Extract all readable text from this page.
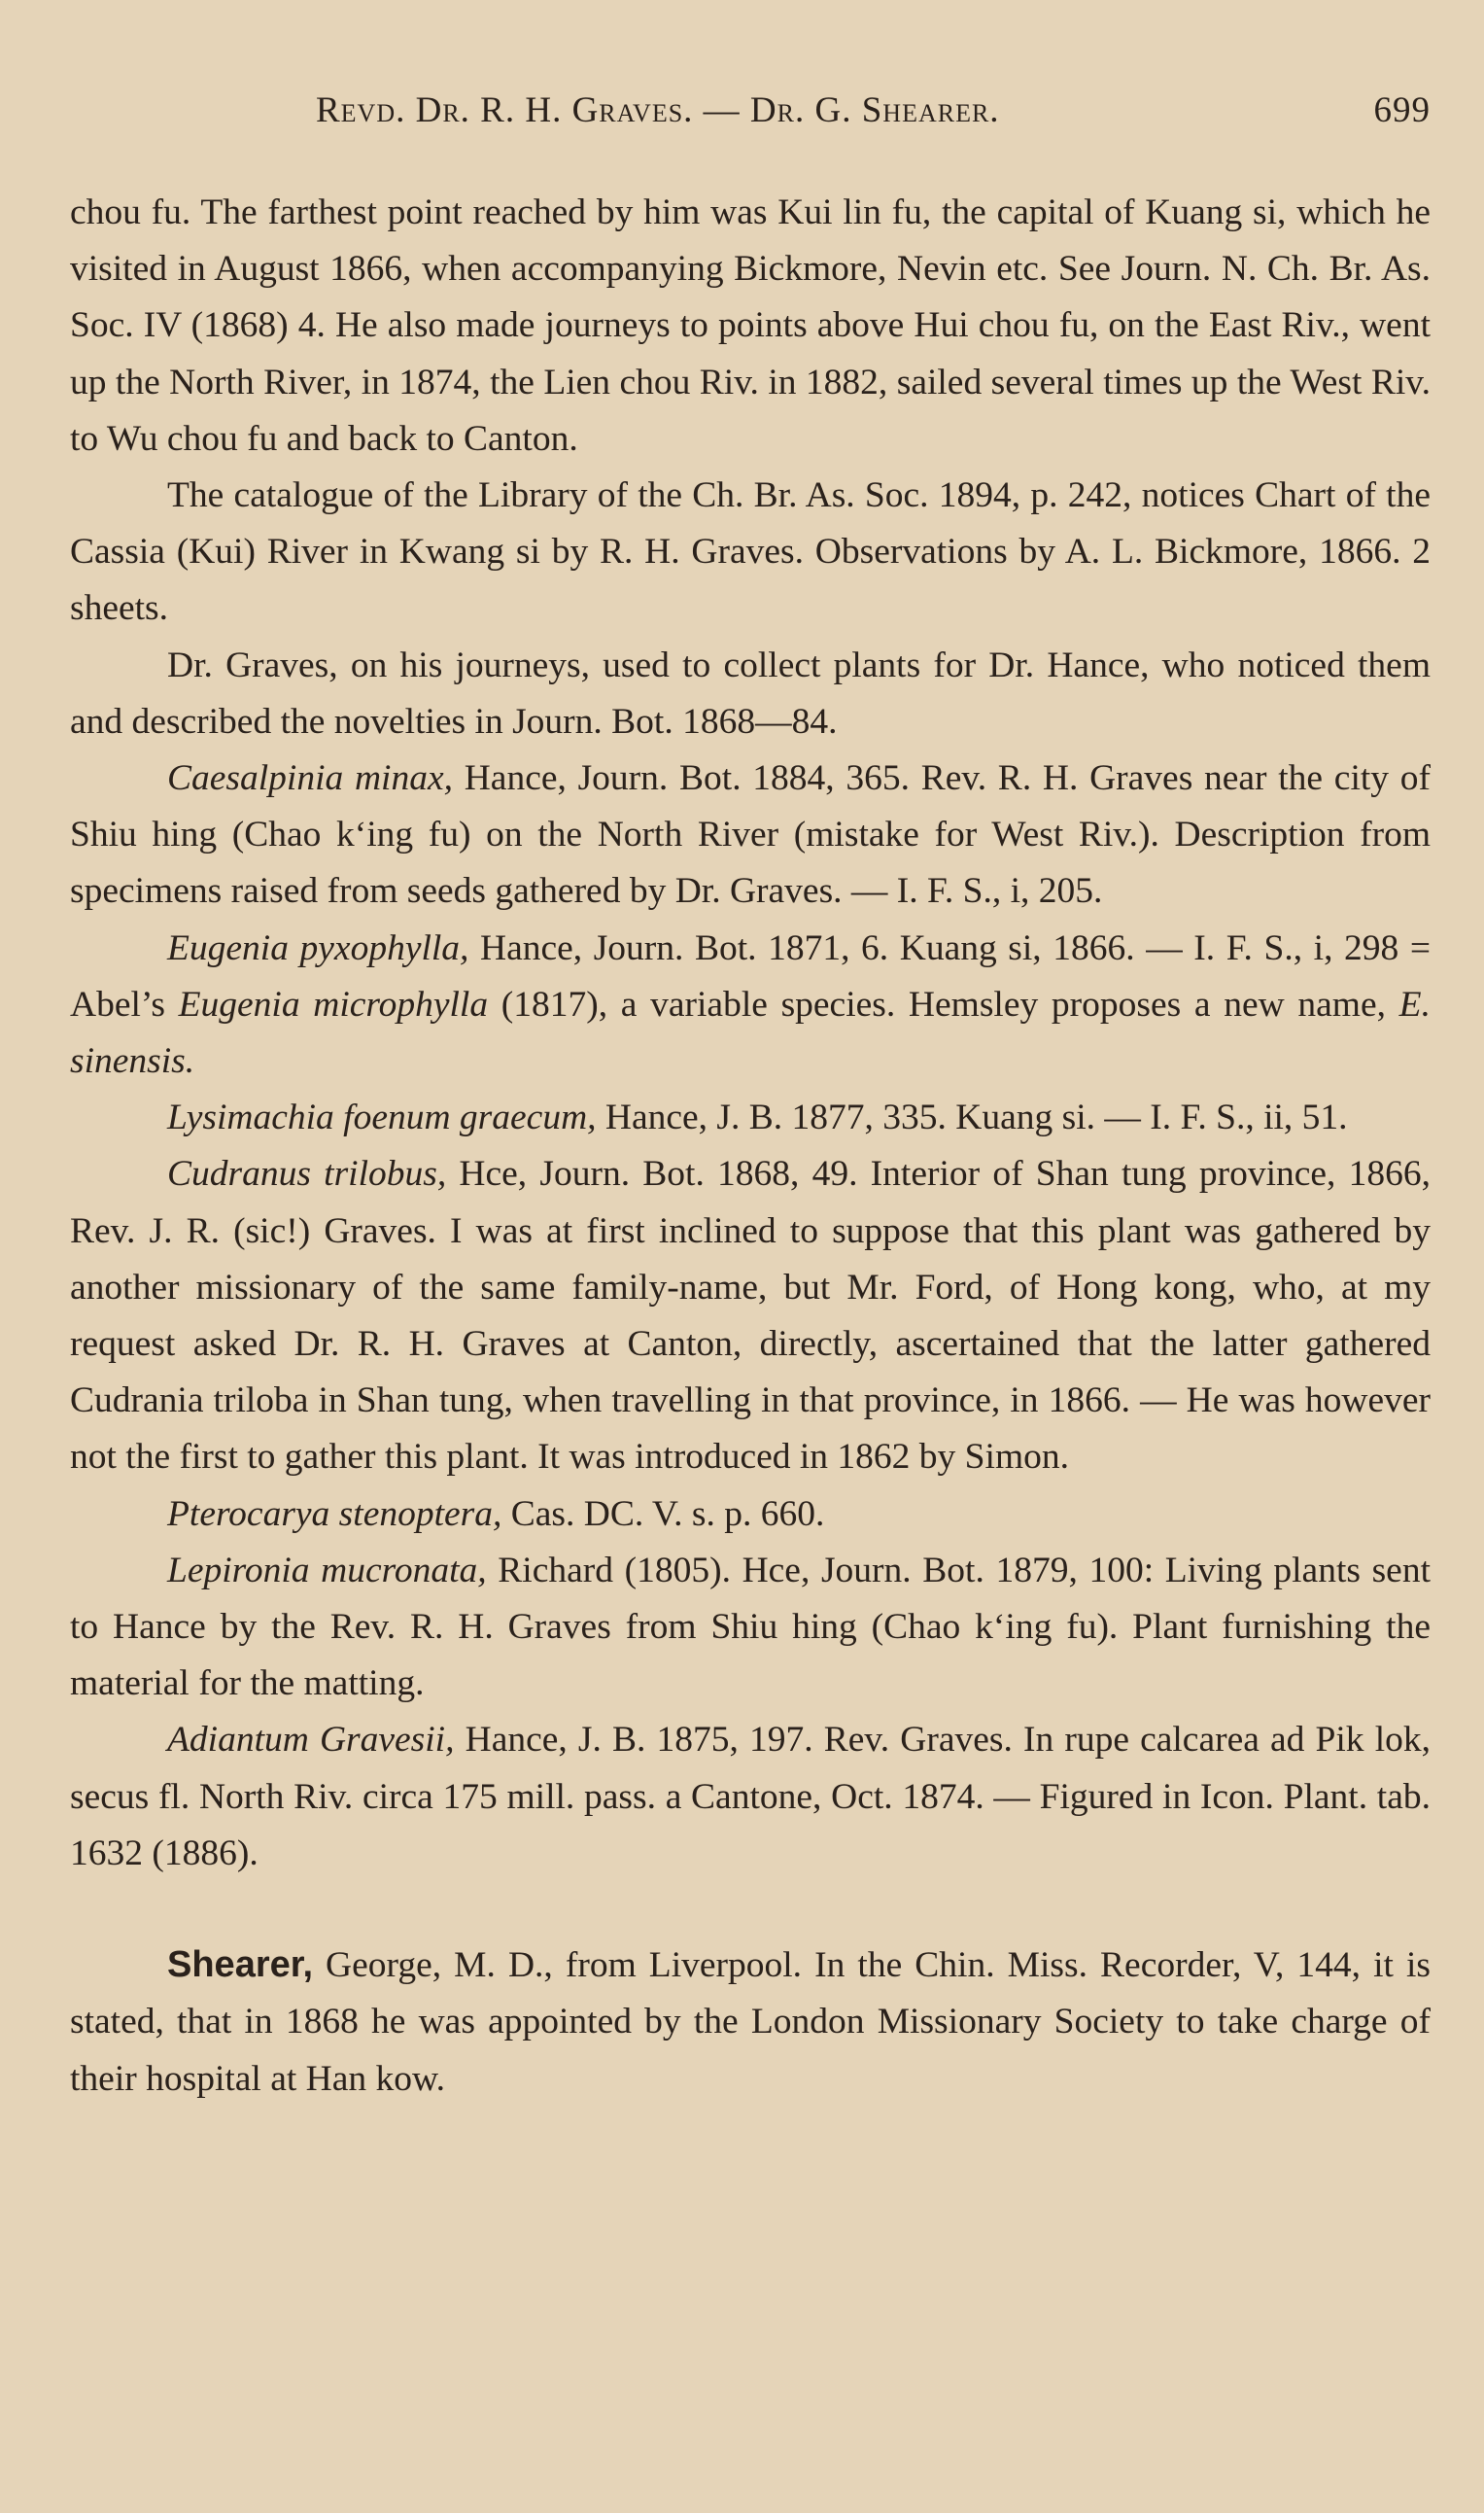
Revd. Dr. R. H. Graves. — Dr. G. Shearer.	699

chou fu. The farthest point reached by him was Kui lin fu, the capital of Kuang si, which he visited in August 1866, when accompanying Bickmore, Nevin etc. See Journ. N. Ch. Br. As. Soc. IV (1868) 4. He also made journeys to points above Hui chou fu, on the East Riv., went up the North River, in 1874, the Lien chou Riv. in 1882, sailed several times up the West Riv. to Wu chou fu and back to Canton.

The catalogue of the Library of the Ch. Br. As. Soc. 1894, p. 242, notices Chart of the Cassia (Kui) River in Kwang si by R. H. Graves. Observations by A. L. Bickmore, 1866. 2 sheets.

Dr. Graves, on his journeys, used to collect plants for Dr. Hance, who noticed them and described the novelties in Journ. Bot. 1868—84.

Caesalpinia minax, Hance, Journ. Bot. 1884, 365. Rev. R. H. Graves near the city of Shiu hing (Chao k‘ing fu) on the North River (mistake for West Riv.). Description from specimens raised from seeds gathered by Dr. Graves. — I. F. S., i, 205.

Eugenia pyxophylla, Hance, Journ. Bot. 1871, 6. Kuang si, 1866. — I. F. S., i, 298 = Abel’s Eugenia microphylla (1817), a variable species. Hemsley proposes a new name, E. sinensis.

Lysimachia foenum graecum, Hance, J. B. 1877, 335. Kuang si. — I. F. S., ii, 51.

Cudranus trilobus, Hce, Journ. Bot. 1868, 49. Interior of Shan tung province, 1866, Rev. J. R. (sic!) Graves. I was at first inclined to suppose that this plant was gathered by another missionary of the same family-name, but Mr. Ford, of Hong kong, who, at my request asked Dr. R. H. Graves at Canton, directly, ascertained that the latter gathered Cudrania triloba in Shan tung, when travelling in that province, in 1866. — He was however not the first to gather this plant. It was introduced in 1862 by Simon.

Pterocarya stenoptera, Cas. DC. V. s. p. 660.

Lepironia mucronata, Richard (1805). Hce, Journ. Bot. 1879, 100: Living plants sent to Hance by the Rev. R. H. Graves from Shiu hing (Chao k‘ing fu). Plant furnishing the material for the matting.

Adiantum Gravesii, Hance, J. B. 1875, 197. Rev. Graves. In rupe calcarea ad Pik lok, secus fl. North Riv. circa 175 mill. pass. a Cantone, Oct. 1874. — Figured in Icon. Plant. tab. 1632 (1886).

Shearer, George, M. D., from Liverpool. In the Chin. Miss. Recorder, V, 144, it is stated, that in 1868 he was appointed by the London Missionary Society to take charge of their hospital at Han kow.
